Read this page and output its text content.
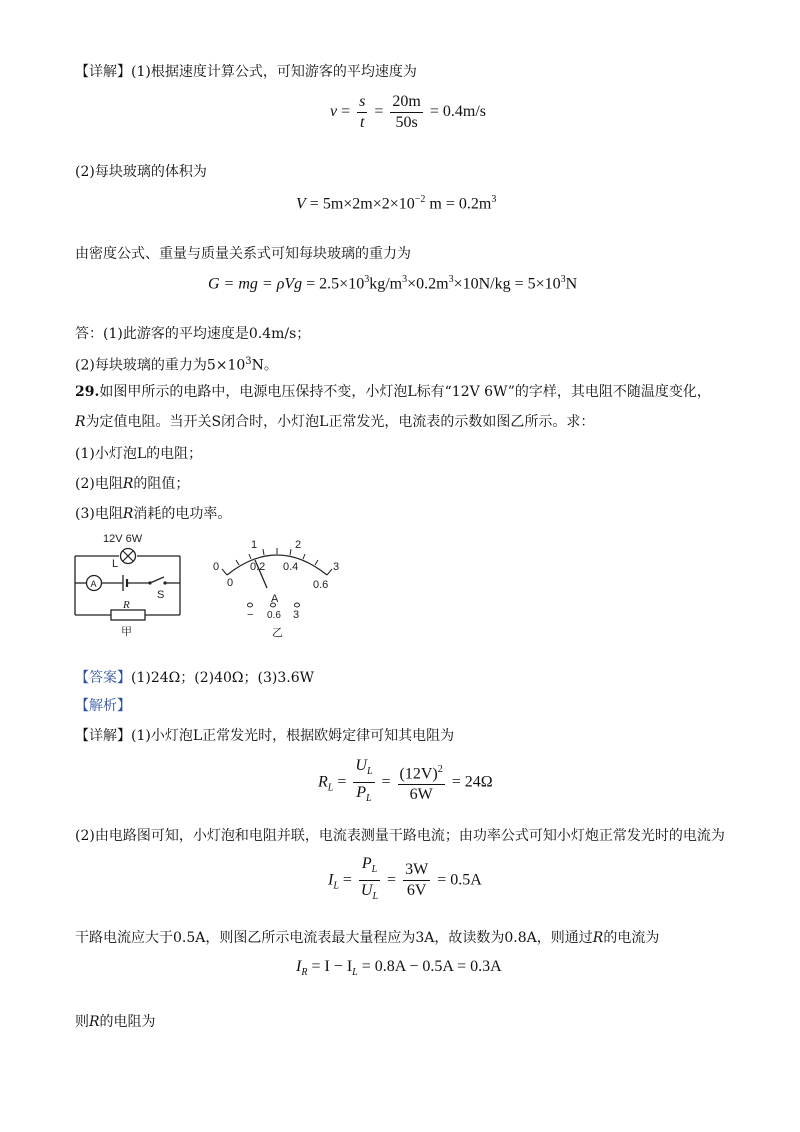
【详解】(1)根据速度计算公式，可知游客的平均速度为
$v = \frac{s}{t} = \frac{20m}{50s} = 0.4m/s$
(2)每块玻璃的体积为
$V = 5m\times 2m\times 2\times 10^{-2}$ $m = 0.2m^3$
由密度公式、重量与质量关系式可知每块玻璃的重力为
G = mg = $\rho Vg = 2.5\times 10^3kg/m^3\times 0.2m^3\times 10N/kg = 5\times 10^3N$
答：(1)此游客的平均速度是0.4m/s；
(2)每块玻璃的重力为$5\times 10^3N$。
29.如图甲所示的电路中，电源电压保持不变，小灯泡L标有“12V 6W”的字样，其电阻不随温度变化，
R为定值电阻。当开关S闭合时，小灯泡L正常发光，电流表的示数如图乙所示。求：
(1)小灯泡L的电阻；
(2)电阻R的阻值；
(3)电阻R消耗的电功率。
12V 6W
L
A
S
R
甲
0
1	2
3
0
0.2 0.4
0.6
A
− 0.6 3
乙
【答案】(1)24Ω；(2)40Ω；(3)3.6W
【解析】
【详解】(1)小灯泡L正常发光时，根据欧姆定律可知其电阻为
$R_L = \frac{U_L}{P_L} = \frac{(12V)^2}{6W} = 24\Omega$
(2)由电路图可知，小灯泡和电阻并联，电流表测量干路电流；由功率公式可知小灯炮正常发光时的电流为
$I_L = \frac{P_L}{U_L} = \frac{3W}{6V} = 0.5A$
干路电流应大于0.5A，则图乙所示电流表最大量程应为3A，故读数为0.8A，则通过R的电流为
$I_R = I - I_L = 0.8A - 0.5A = 0.3A$
则R的电阻为
